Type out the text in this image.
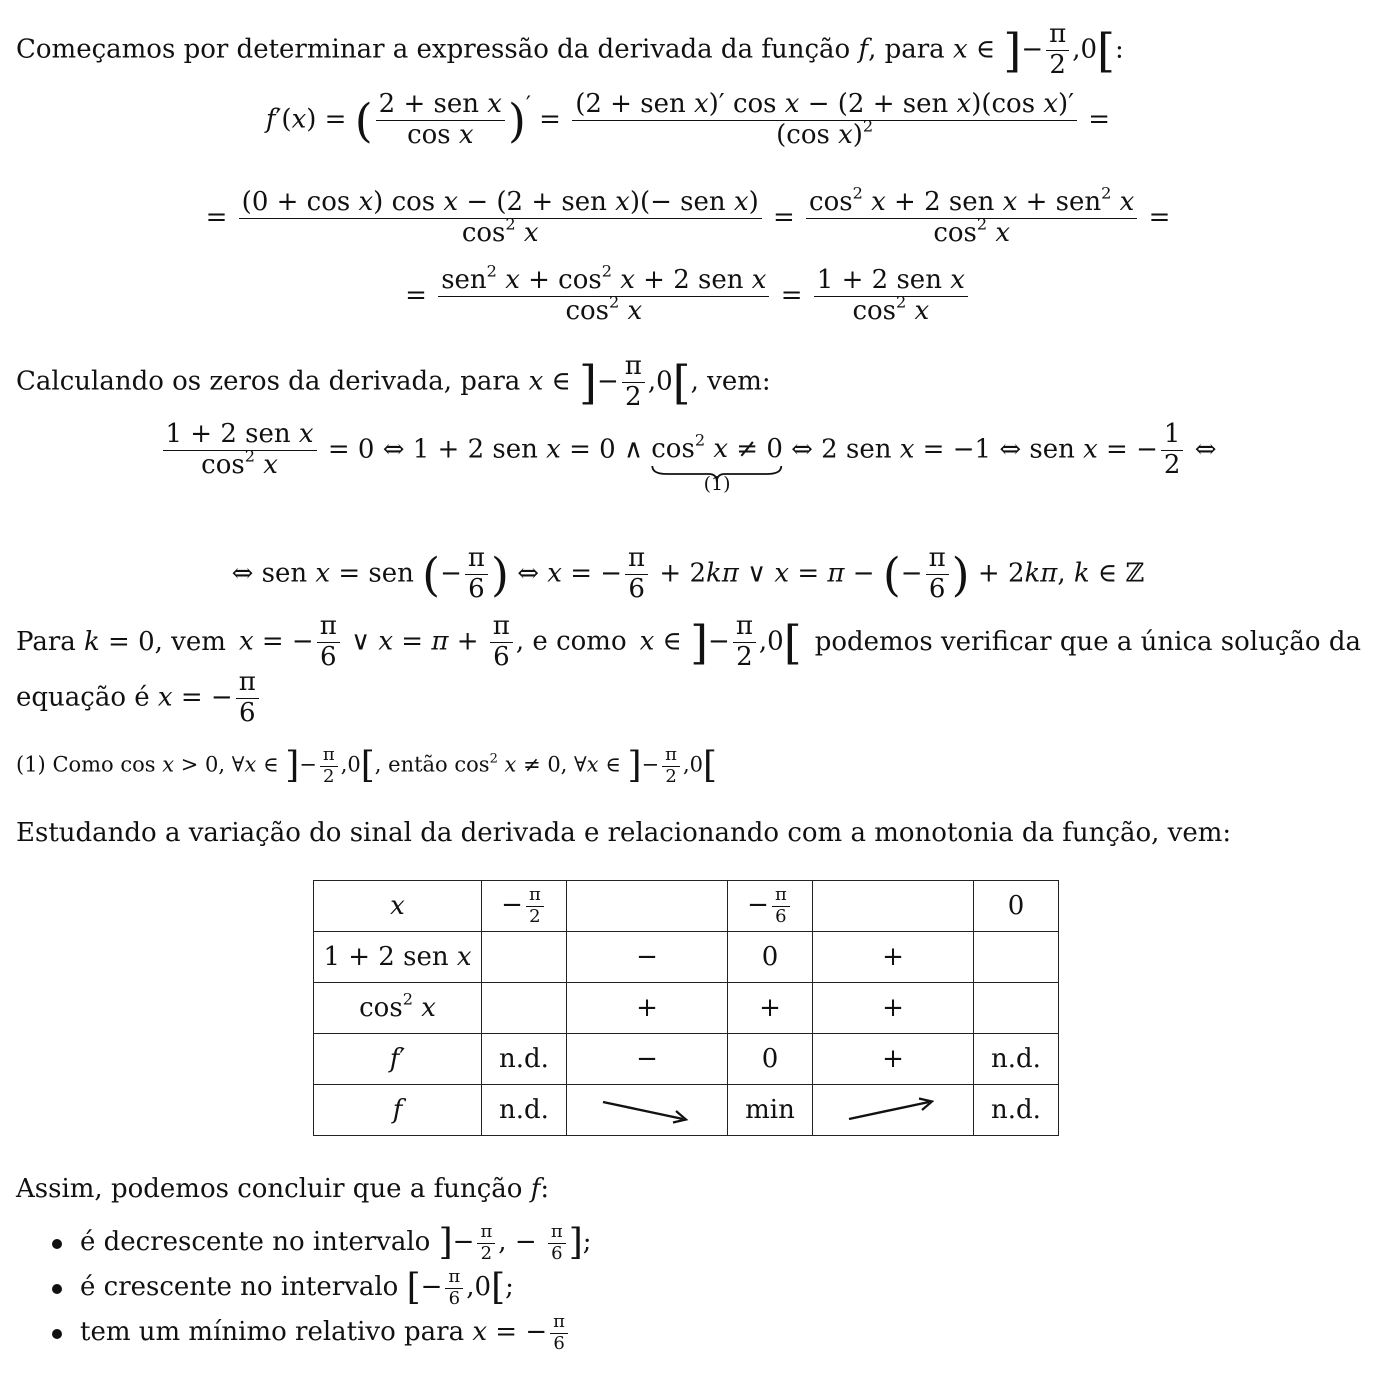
Começamos por determinar a expressão da derivada da função f, para x ∈ ]− $\frac{\pi}{2} ,0$[:
f′(x) = ( $\frac{\text{2 + sen x}}{\text{cos x}} )' = \frac{\text{(2 + sen x)′ cos x − (2 + sen x)(cos x)′}}{(\cos x)^2}$ =
= $\frac{\text{(0 + cos x) cos x − (2 + sen x)(− sen x)}}{\cos^2 x} = \frac{\cos^2 x + 2 sen x + sen^2 x}{\cos^2 x}$ =
= $\frac{sen^2 x + \cos^2 x + 2 sen x}{\cos^2 x} = \frac{\text{1 + 2 sen x}}{\cos^2 x}$
Calculando os zeros da derivada, para x ∈ ]− $\frac{\pi}{2} ,0$[, vem:
$\frac{\text{1 + 2 sen x}}{\cos^2 x} = 0$ ⇔ 1 + 2 sen x = 0 ∧ $\cos^2 x \ne 0$
(1)
⇔ 2 sen x = −1 ⇔ sen x = − $\frac{1}{2}$ ⇔
⇔ sen x = sen (− $\frac{\pi}{6}$ ) ⇔ x = − $\frac{\pi}{6} + 2k\pi$ ∨ x = π − (− $\frac{\pi}{6}$ ) + 2kπ, k ∈ ℤ
Para k = 0, vem x = − $\frac{\pi}{6}$ ∨ $x = \pi + \frac{\pi}{6}$ , e como x ∈ ]− $\frac{\pi}{2} ,0$[ podemos verificar que a única solução da
equação é x = − $\frac{\pi}{6}$
(1) Como cos x > 0, ∀x ∈ ]− $\frac{\pi}{2} ,0$[, então $\cos^2 x \ne 0$, ∀x ∈ ]− $\frac{\pi}{2} ,0$[
Estudando a variação do sinal da derivada e relacionando com a monotonia da função, vem:
x	− $\frac{\pi}{2}$		− $\frac{\pi}{6}$		0
1 + 2 sen x		−	0	+	
$\cos^2 x$		+	+	+	
f′	n.d.	−	0	+	n.d.
f	n.d.		min		n.d.
Assim, podemos concluir que a função f:
é decrescente no intervalo ]− $\frac{\pi}{2}$ , − $\frac{\pi}{6}$ ];
é crescente no intervalo [− $\frac{\pi}{6} ,0$[;
tem um mínimo relativo para x = − $\frac{\pi}{6}$
